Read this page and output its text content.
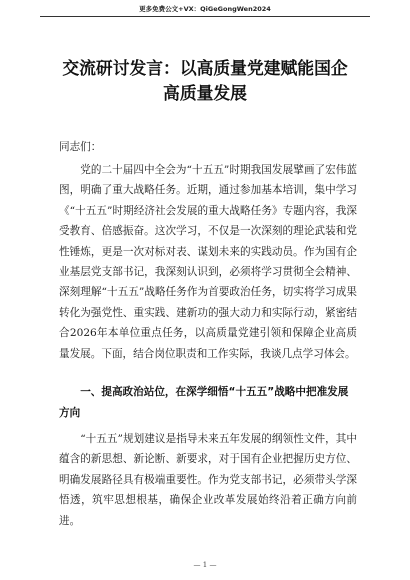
更多免费公文+VX：QiGeGongWen2024
交流研讨发言：以高质量党建赋能国企高质量发展

同志们：

党的二十届四中全会为“十五五”时期我国发展擘画了宏伟蓝图，明确了重大战略任务。近期，通过参加基本培训，集中学习《“十五五”时期经济社会发展的重大战略任务》专题内容，我深受教育、倍感振奋。这次学习，不仅是一次深刻的理论武装和党性锤炼，更是一次对标对表、谋划未来的实践动员。作为国有企业基层党支部书记，我深刻认识到，必须将学习贯彻全会精神、深刻理解“十五五”战略任务作为首要政治任务，切实将学习成果转化为强党性、重实践、建新功的强大动力和实际行动，紧密结合2026年本单位重点任务，以高质量党建引领和保障企业高质量发展。下面，结合岗位职责和工作实际，我谈几点学习体会。

一、提高政治站位，在深学细悟“十五五”战略中把准发展方向

“十五五”规划建议是指导未来五年发展的纲领性文件，其中蕴含的新思想、新论断、新要求，对于国有企业把握历史方位、明确发展路径具有极端重要性。作为党支部书记，必须带头学深悟透，筑牢思想根基，确保企业改革发展始终沿着正确方向前进。

— 1 —
